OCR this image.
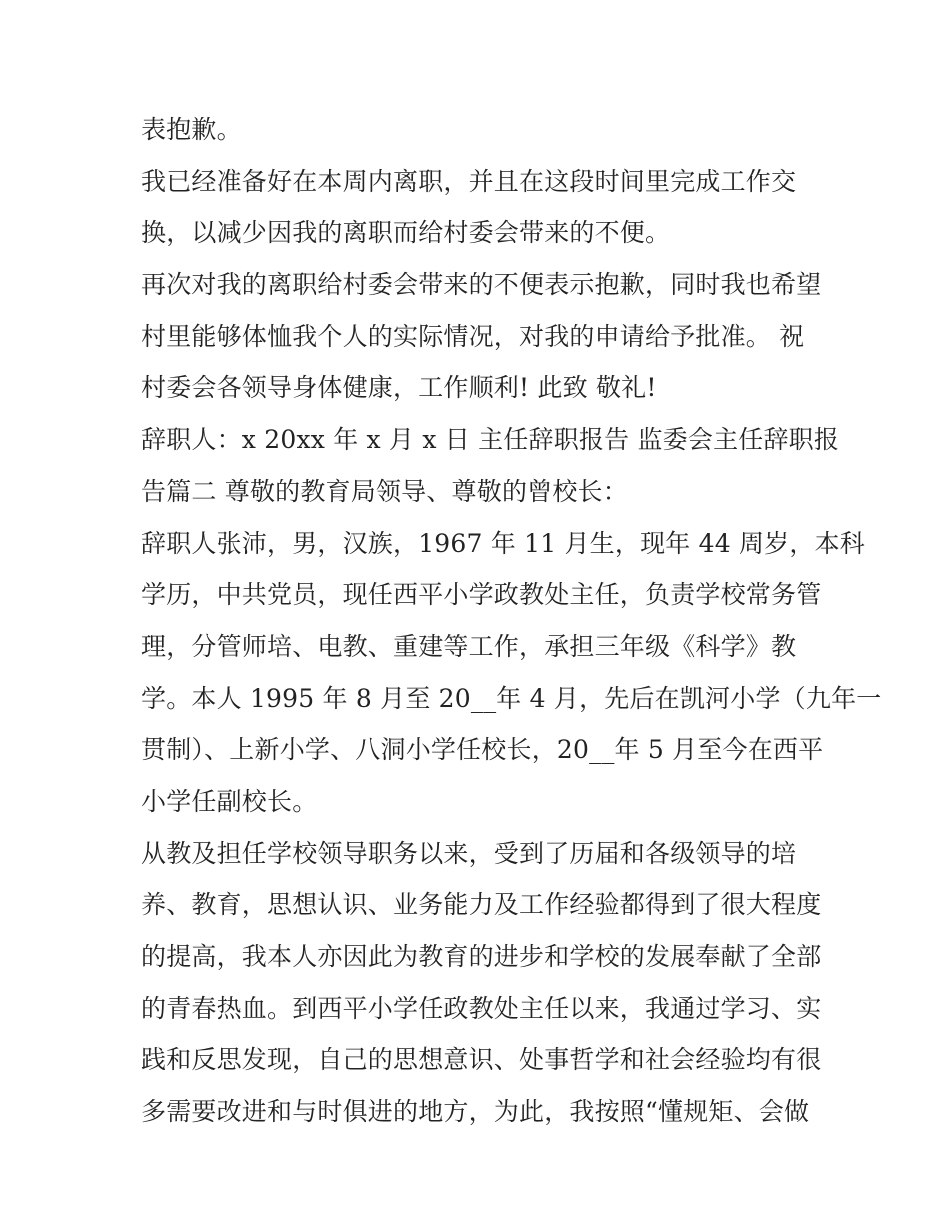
表抱歉。
我已经准备好在本周内离职，并且在这段时间里完成工作交
换，以减少因我的离职而给村委会带来的不便。
再次对我的离职给村委会带来的不便表示抱歉，同时我也希望
村里能够体恤我个人的实际情况，对我的申请给予批准。 祝
村委会各领导身体健康，工作顺利! 此致 敬礼!
辞职人：x 20xx 年 x 月 x 日 主任辞职报告 监委会主任辞职报
告篇二 尊敬的教育局领导、尊敬的曾校长：
辞职人张沛，男，汉族，1967 年 11 月生，现年 44 周岁，本科
学历，中共党员，现任西平小学政教处主任，负责学校常务管
理，分管师培、电教、重建等工作，承担三年级《科学》教
学。本人 1995 年 8 月至 20__年 4 月，先后在凯河小学（九年一
贯制）、上新小学、八洞小学任校长，20__年 5 月至今在西平
小学任副校长。
从教及担任学校领导职务以来，受到了历届和各级领导的培
养、教育，思想认识、业务能力及工作经验都得到了很大程度
的提高，我本人亦因此为教育的进步和学校的发展奉献了全部
的青春热血。到西平小学任政教处主任以来，我通过学习、实
践和反思发现，自己的思想意识、处事哲学和社会经验均有很
多需要改进和与时俱进的地方，为此，我按照“懂规矩、会做
